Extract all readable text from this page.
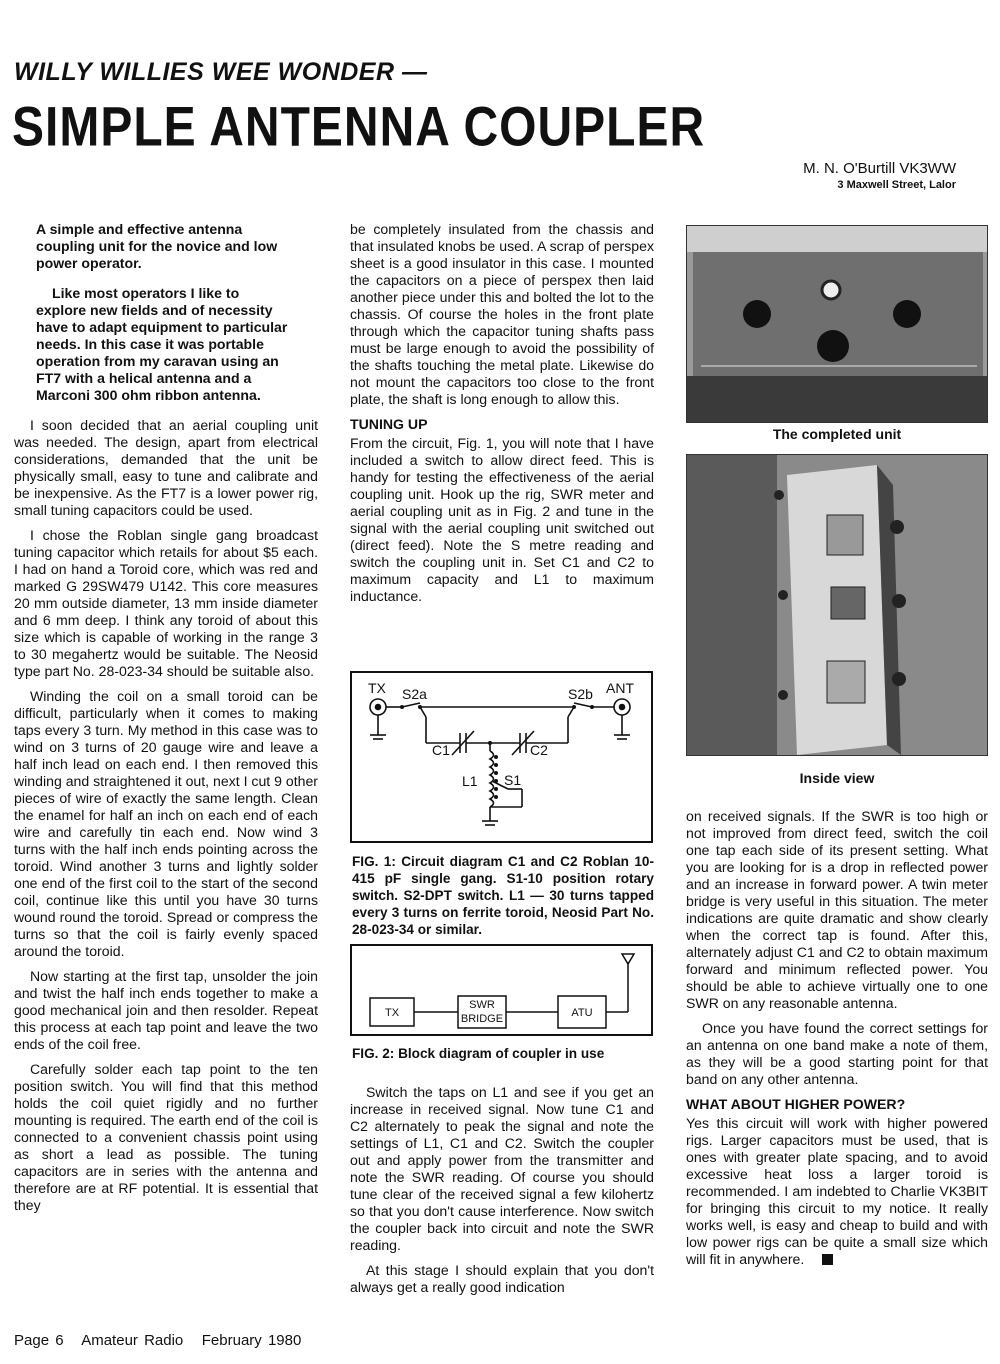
WILLY WILLIES WEE WONDER —
SIMPLE ANTENNA COUPLER
M. N. O'Burtill VK3WW
3 Maxwell Street, Lalor

A simple and effective antenna coupling unit for the novice and low power operator.

Like most operators I like to explore new fields and of necessity have to adapt equipment to particular needs. In this case it was portable operation from my caravan using an FT7 with a helical antenna and a Marconi 300 ohm ribbon antenna.

I soon decided that an aerial coupling unit was needed. The design, apart from electrical considerations, demanded that the unit be physically small, easy to tune and calibrate and be inexpensive. As the FT7 is a lower power rig, small tuning capacitors could be used.

I chose the Roblan single gang broadcast tuning capacitor which retails for about $5 each. I had on hand a Toroid core, which was red and marked G 29SW479 U142. This core measures 20 mm outside diameter, 13 mm inside diameter and 6 mm deep. I think any toroid of about this size which is capable of working in the range 3 to 30 megahertz would be suitable. The Neosid type part No. 28-023-34 should be suitable also.

Winding the coil on a small toroid can be difficult, particularly when it comes to making taps every 3 turn. My method in this case was to wind on 3 turns of 20 gauge wire and leave a half inch lead on each end. I then removed this winding and straightened it out, next I cut 9 other pieces of wire of exactly the same length. Clean the enamel for half an inch on each end of each wire and carefully tin each end. Now wind 3 turns with the half inch ends pointing across the toroid. Wind another 3 turns and lightly solder one end of the first coil to the start of the second coil, continue like this until you have 30 turns wound round the toroid. Spread or compress the turns so that the coil is fairly evenly spaced around the toroid.

Now starting at the first tap, unsolder the join and twist the half inch ends together to make a good mechanical join and then resolder. Repeat this process at each tap point and leave the two ends of the coil free.

Carefully solder each tap point to the ten position switch. You will find that this method holds the coil quiet rigidly and no further mounting is required. The earth end of the coil is connected to a convenient chassis point using as short a lead as possible. The tuning capacitors are in series with the antenna and therefore are at RF potential. It is essential that they

be completely insulated from the chassis and that insulated knobs be used. A scrap of perspex sheet is a good insulator in this case. I mounted the capacitors on a piece of perspex then laid another piece under this and bolted the lot to the chassis. Of course the holes in the front plate through which the capacitor tuning shafts pass must be large enough to avoid the possibility of the shafts touching the metal plate. Likewise do not mount the capacitors too close to the front plate, the shaft is long enough to allow this.

TUNING UP

From the circuit, Fig. 1, you will note that I have included a switch to allow direct feed. This is handy for testing the effectiveness of the aerial coupling unit. Hook up the rig, SWR meter and aerial coupling unit as in Fig. 2 and tune in the signal with the aerial coupling unit switched out (direct feed). Note the S metre reading and switch the coupling unit in. Set C1 and C2 to maximum capacity and L1 to maximum inductance.

TX S2a	S2b ANT
C1	C2
L1 S1
FIG. 1: Circuit diagram C1 and C2 Roblan 10-415 pF single gang. S1-10 position rotary switch. S2-DPT switch. L1 — 30 turns tapped every 3 turns on ferrite toroid, Neosid Part No. 28-023-34 or similar.
TX
SWR
BRIDGE	ATU
FIG. 2: Block diagram of coupler in use

Switch the taps on L1 and see if you get an increase in received signal. Now tune C1 and C2 alternately to peak the signal and note the settings of L1, C1 and C2. Switch the coupler out and apply power from the transmitter and note the SWR reading. Of course you should tune clear of the received signal a few kilohertz so that you don't cause interference. Now switch the coupler back into circuit and note the SWR reading.

At this stage I should explain that you don't always get a really good indication

The completed unit
Inside view

on received signals. If the SWR is too high or not improved from direct feed, switch the coil one tap each side of its present setting. What you are looking for is a drop in reflected power and an increase in forward power. A twin meter bridge is very useful in this situation. The meter indications are quite dramatic and show clearly when the correct tap is found. After this, alternately adjust C1 and C2 to obtain maximum forward and minimum reflected power. You should be able to achieve virtually one to one SWR on any reasonable antenna.

Once you have found the correct settings for an antenna on one band make a note of them, as they will be a good starting point for that band on any other antenna.

WHAT ABOUT HIGHER POWER?

Yes this circuit will work with higher powered rigs. Larger capacitors must be used, that is ones with greater plate spacing, and to avoid excessive heat loss a larger toroid is recommended. I am indebted to Charlie VK3BIT for bringing this circuit to my notice. It really works well, is easy and cheap to build and with low power rigs can be quite a small size which will fit in anywhere.

Page 6   Amateur Radio   February 1980
